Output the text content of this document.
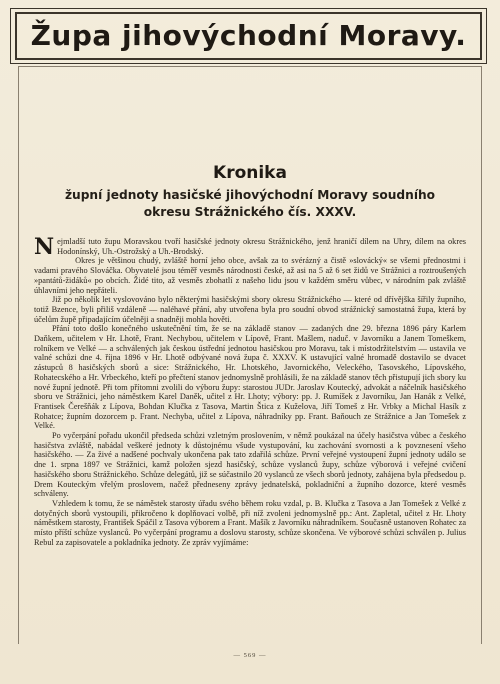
Župa jihovýchodní Moravy.
Kronika
župní jednoty hasičské jihovýchodní Moravy soudního okresu Strážnického čís. XXXV.

Nejmladší tuto župu Moravskou tvoří hasičské jednoty okresu Strážnického, jenž hraničí dílem na Uhry, dílem na okres Hodonínský, Uh.-Ostrožský a Uh.-Brodský.

Okres je většinou chudý, zvláště horní jeho obce, avšak za to svérázný a čistě »slovácký« se všemi přednostmi i vadami pravého Slováčka. Obyvatelé jsou téměř vesměs národnosti české, až asi na 5 až 6 set židů ve Strážnici a roztroušených »pantátů-židáků« po obcích. Židé tito, až vesměs zbohatlí z našeho lidu jsou v každém směru vůbec, v národním pak zvláště úhlavními jeho nepřáteli.

Již po několik let vyslovováno bylo některými hasičskými sbory okresu Strážnického — které od dřívějška šířily župního, totiž Bzence, byli přiliš vzdáleně — naléhavé přání, aby utvořena byla pro soudní obvod strážnický samostatná župa, která by účelům župě připadajícím účelněji a snadněji mohla hověti.

Přání toto došlo konečného uskutečnění tím, že se na základě stanov — zadaných dne 29. března 1896 páry Karlem Daňkem, učitelem v Hr. Lhotě, Frant. Nechybou, učitelem v Lípově, Frant. Mašlem, naduč. v Javorníku a Janem Tomeškem, rolníkem ve Velké — a schválených jak českou ústřední jednotou hasičskou pro Moravu, tak i místodržitelstvím — ustavila ve valné schůzi dne 4. října 1896 v Hr. Lhotě odbývané nová župa č. XXXV. K ustavující valné hromadě dostavilo se dvacet zástupců 8 hasičských sborů a sice: Strážnického, Hr. Lhotského, Javornického, Veleckého, Tasovského, Lípovského, Rohatecského a Hr. Vrbeckého, kteří po přečtení stanov jednomyslně prohlásili, že na základě stanov těch přistupují jich sbory ku nové župní jednotě. Při tom přítomni zvolili do výboru župy: starostou JUDr. Jaroslav Koutecký, advokát a náčelník hasičského sboru ve Strážnici, jeho náměstkem Karel Daněk, učitel z Hr. Lhoty; výbory: pp. J. Rumíšek z Javorníku, Jan Hanák z Velké, Frantisek Čerešňák z Lípova, Bohdan Klučka z Tasova, Martin Štica z Kuželova, Jiří Tomeš z Hr. Vrbky a Michal Hasík z Rohatce; župním dozorcem p. Frant. Nechyba, učitel z Lípova, náhradníky pp. Frant. Baňouch ze Strážnice a Jan Tomešek z Velké.

Po vyčerpání pořadu ukončil předseda schůzi vzletným proslovením, v němž poukázal na účely hasičstva vůbec a českého hasičstva zvláště, nabádal veškeré jednoty k důstojnému všude vystupování, ku zachování svornosti a k povznesení všeho hasičského. — Za živé a nadšené pochvaly ukončena pak tato zdařilá schůze. První veřejné vystoupení župní jednoty událo se dne 1. srpna 1897 ve Strážnici, kamž položen sjezd hasičský, schůze vyslanců župy, schůze výborová i veřejné cvičení hasičského sboru Strážnického. Schůze delegátů, již se súčastnilo 20 vyslanců ze všech sborů jednoty, zahájena byla předsedou p. Drem Kouteckým vřelým proslovem, načež předneseny zprávy jednatelská, pokladniční a župního dozorce, které vesměs schváleny.

Vzhledem k tomu, že se náměstek starosty úřadu svého během roku vzdal, p. B. Klučka z Tasova a Jan Tomešek z Velké z dotyčných sborů vystoupili, přikročeno k doplňovací volbě, při níž zvoleni jednomyslně pp.: Ant. Zapletal, učitel z Hr. Lhoty náměstkem starosty, František Spáčil z Tasova výborem a Frant. Mašík z Javorníku náhradníkem. Současně ustanoven Rohatec za místo příští schůze vyslanců. Po vyčerpání programu a doslovu starosty, schůze skončena. Ve výborové schůzi schválen p. Julius Rebul za zapisovatele a pokladníka jednoty. Ze zpráv vyjímáme:

— 569 —
